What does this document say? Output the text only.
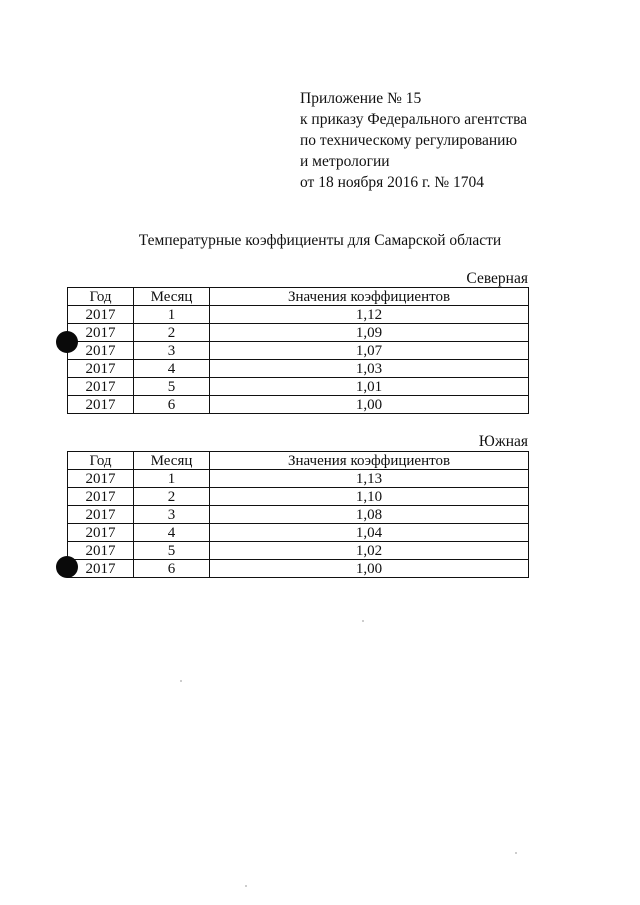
Приложение № 15
к приказу Федерального агентства
по техническому регулированию
и метрологии
от 18 ноября 2016 г. № 1704
Температурные коэффициенты для Самарской области
Северная
Год	Месяц	Значения коэффициентов
2017	1	1,12
2017	2	1,09
2017	3	1,07
2017	4	1,03
2017	5	1,01
2017	6	1,00
Южная
Год	Месяц	Значения коэффициентов
2017	1	1,13
2017	2	1,10
2017	3	1,08
2017	4	1,04
2017	5	1,02
2017	6	1,00
